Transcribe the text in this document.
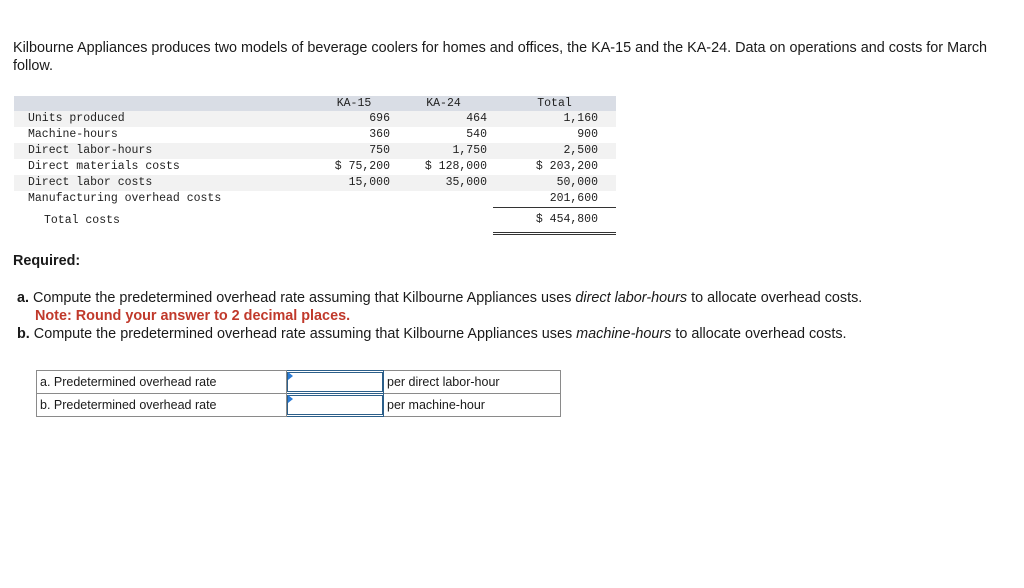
Kilbourne Appliances produces two models of beverage coolers for homes and offices, the KA-15 and the KA-24. Data on operations and costs for March follow.
	KA-15	KA-24	Total
Units produced	696	464	1,160
Machine-hours	360	540	900
Direct labor-hours	750	1,750	2,500
Direct materials costs	$ 75,200	$ 128,000	$ 203,200
Direct labor costs	15,000	35,000	50,000
Manufacturing overhead costs			201,600
Total costs			$ 454,800
Required:
a. Compute the predetermined overhead rate assuming that Kilbourne Appliances uses direct labor-hours to allocate overhead costs.
Note: Round your answer to 2 decimal places.
b. Compute the predetermined overhead rate assuming that Kilbourne Appliances uses machine-hours to allocate overhead costs.
a. Predetermined overhead rate		per direct labor-hour
b. Predetermined overhead rate		per machine-hour
